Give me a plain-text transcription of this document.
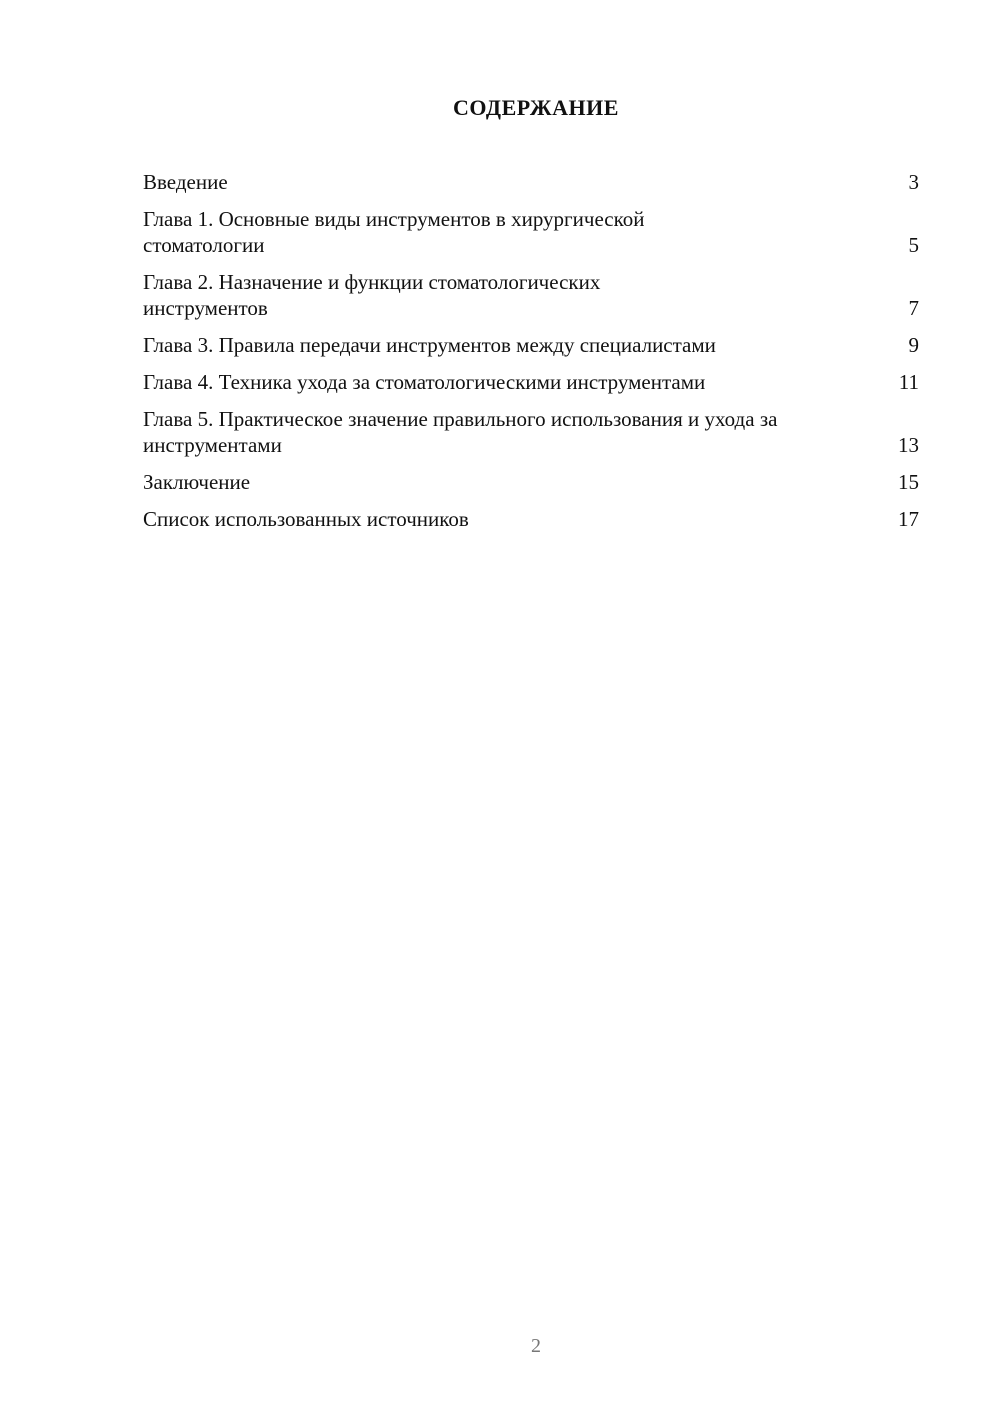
СОДЕРЖАНИЕ
Введение	3
Глава 1. Основные виды инструментов в хирургической стоматологии	5
Глава 2. Назначение и функции стоматологических инструментов	7
Глава 3. Правила передачи инструментов между специалистами	9
Глава 4. Техника ухода за стоматологическими инструментами	11
Глава 5. Практическое значение правильного использования и ухода за инструментами	13
Заключение	15
Список использованных источников	17
2
